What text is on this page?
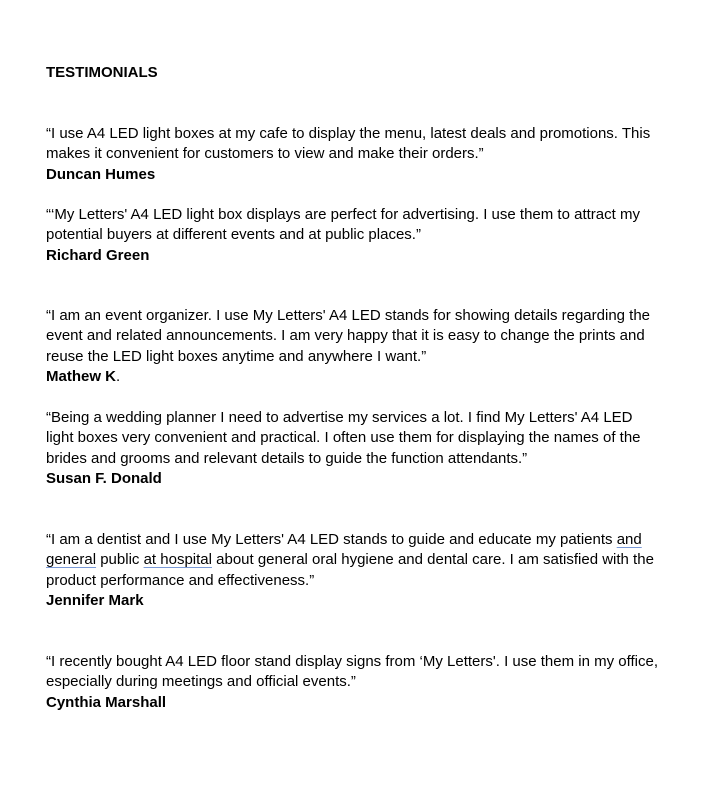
TESTIMONIALS
“I use A4 LED light boxes at my cafe to display the menu, latest deals and promotions. This
makes it convenient for customers to view and make their orders.”
Duncan Humes
“‘My Letters' A4 LED light box displays are perfect for advertising. I use them to attract my
potential buyers at different events and at public places.”
Richard Green
“I am an event organizer. I use My Letters' A4 LED stands for showing details regarding the
event and related announcements. I am very happy that it is easy to change the prints and
reuse the LED light boxes anytime and anywhere I want.”
Mathew K.
“Being a wedding planner I need to advertise my services a lot. I find My Letters' A4 LED
light boxes very convenient and practical. I often use them for displaying the names of the
brides and grooms and relevant details to guide the function attendants.”
Susan F. Donald
“I am a dentist and I use My Letters' A4 LED stands to guide and educate my patients and
general public at hospital about general oral hygiene and dental care. I am satisfied with the
product performance and effectiveness.”
Jennifer Mark
“I recently bought A4 LED floor stand display signs from ‘My Letters'. I use them in my office,
especially during meetings and official events.”
Cynthia Marshall
